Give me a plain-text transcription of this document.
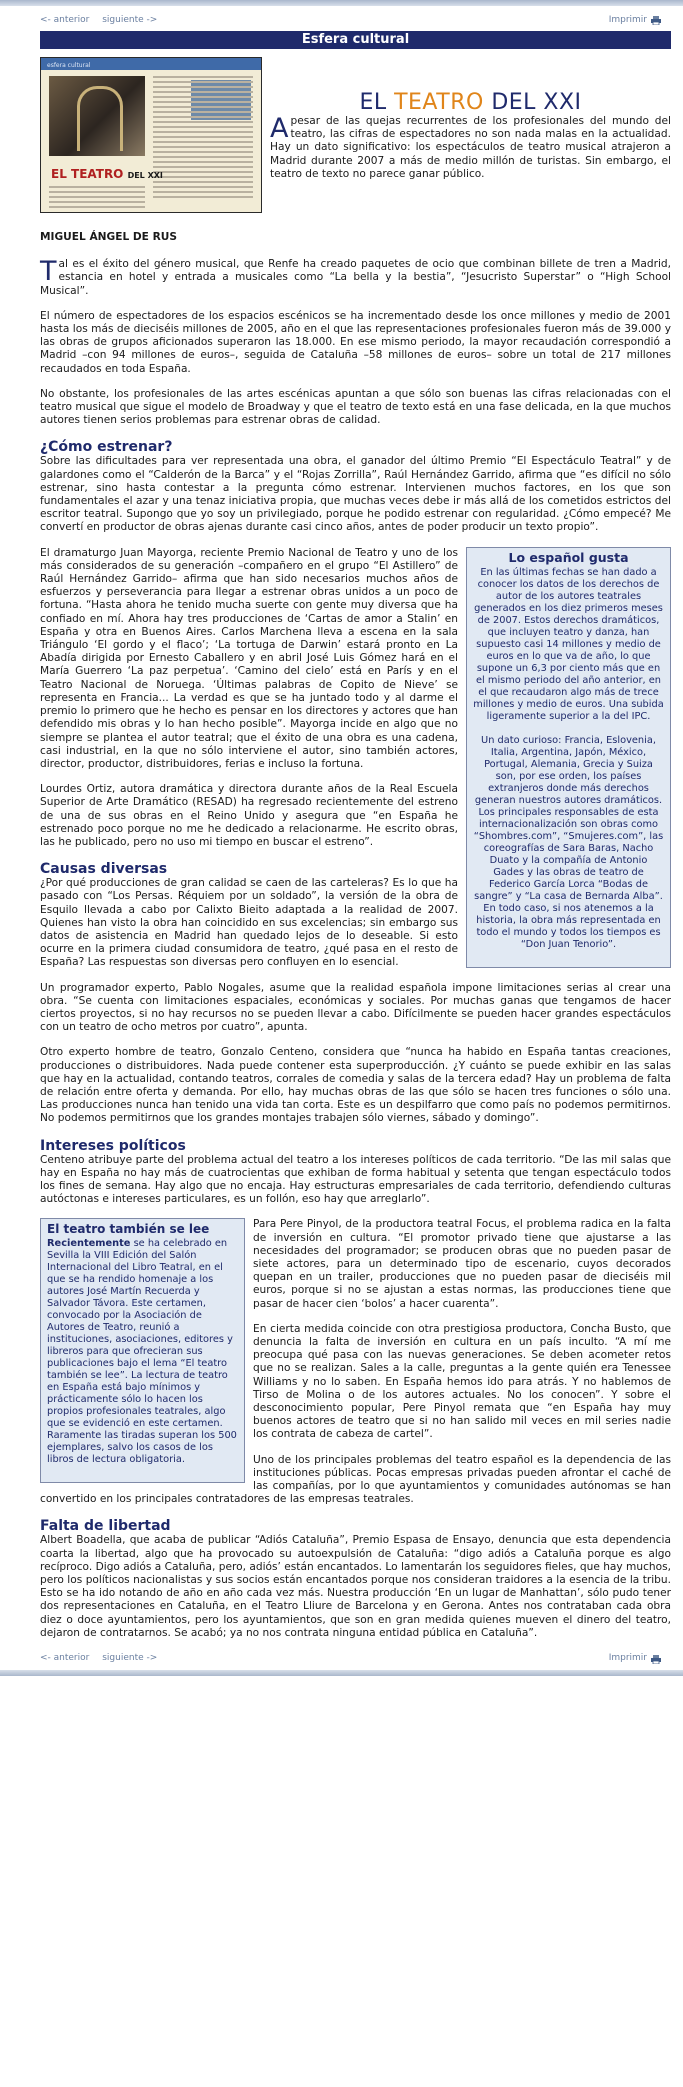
<- anterior siguiente ->	Imprimir
Esfera cultural
esfera cultural
EL TEATRO DEL XXI
EL TEATRO DEL XXI

A pesar de las quejas recurrentes de los profesionales del mundo del teatro, las cifras de espectadores no son nada malas en la actualidad. Hay un dato significativo: los espectáculos de teatro musical atrajeron a Madrid durante 2007 a más de medio millón de turistas. Sin embargo, el teatro de texto no parece ganar público.

MIGUEL ÁNGEL DE RUS

Tal es el éxito del género musical, que Renfe ha creado paquetes de ocio que combinan billete de tren a Madrid, estancia en hotel y entrada a musicales como “La bella y la bestia”, “Jesucristo Superstar” o “High School Musical”.

El número de espectadores de los espacios escénicos se ha incrementado desde los once millones y medio de 2001 hasta los más de dieciséis millones de 2005, año en el que las representaciones profesionales fueron más de 39.000 y las obras de grupos aficionados superaron las 18.000. En ese mismo periodo, la mayor recaudación correspondió a Madrid –con 94 millones de euros–, seguida de Cataluña –58 millones de euros– sobre un total de 217 millones recaudados en toda España.

No obstante, los profesionales de las artes escénicas apuntan a que sólo son buenas las cifras relacionadas con el teatro musical que sigue el modelo de Broadway y que el teatro de texto está en una fase delicada, en la que muchos autores tienen serios problemas para estrenar obras de calidad.

¿Cómo estrenar?

Sobre las dificultades para ver representada una obra, el ganador del último Premio “El Espectáculo Teatral” y de galardones como el “Calderón de la Barca” y el “Rojas Zorrilla”, Raúl Hernández Garrido, afirma que “es difícil no sólo estrenar, sino hasta contestar a la pregunta cómo estrenar. Intervienen muchos factores, en los que son fundamentales el azar y una tenaz iniciativa propia, que muchas veces debe ir más allá de los cometidos estrictos del escritor teatral. Supongo que yo soy un privilegiado, porque he podido estrenar con regularidad. ¿Cómo empecé? Me convertí en productor de obras ajenas durante casi cinco años, antes de poder producir un texto propio”.

Lo español gusta

En las últimas fechas se han dado a conocer los datos de los derechos de autor de los autores teatrales generados en los diez primeros meses de 2007. Estos derechos dramáticos, que incluyen teatro y danza, han supuesto casi 14 millones y medio de euros en lo que va de año, lo que supone un 6,3 por ciento más que en el mismo periodo del año anterior, en el que recaudaron algo más de trece millones y medio de euros. Una subida ligeramente superior a la del IPC.

Un dato curioso: Francia, Eslovenia, Italia, Argentina, Japón, México, Portugal, Alemania, Grecia y Suiza son, por ese orden, los países extranjeros donde más derechos generan nuestros autores dramáticos. Los principales responsables de esta internacionalización son obras como “Shombres.com”, “Smujeres.com”, las coreografías de Sara Baras, Nacho Duato y la compañía de Antonio Gades y las obras de teatro de Federico García Lorca “Bodas de sangre” y “La casa de Bernarda Alba”. En todo caso, si nos atenemos a la historia, la obra más representada en todo el mundo y todos los tiempos es “Don Juan Tenorio”.

El dramaturgo Juan Mayorga, reciente Premio Nacional de Teatro y uno de los más considerados de su generación –compañero en el grupo “El Astillero” de Raúl Hernández Garrido– afirma que han sido necesarios muchos años de esfuerzos y perseverancia para llegar a estrenar obras unidos a un poco de fortuna. “Hasta ahora he tenido mucha suerte con gente muy diversa que ha confiado en mí. Ahora hay tres producciones de ‘Cartas de amor a Stalin’ en España y otra en Buenos Aires. Carlos Marchena lleva a escena en la sala Triángulo ‘El gordo y el flaco’; ‘La tortuga de Darwin’ estará pronto en La Abadía dirigida por Ernesto Caballero y en abril José Luis Gómez hará en el María Guerrero ‘La paz perpetua’. ‘Camino del cielo’ está en París y en el Teatro Nacional de Noruega. ‘Últimas palabras de Copito de Nieve’ se representa en Francia... La verdad es que se ha juntado todo y al darme el premio lo primero que he hecho es pensar en los directores y actores que han defendido mis obras y lo han hecho posible”. Mayorga incide en algo que no siempre se plantea el autor teatral; que el éxito de una obra es una cadena, casi industrial, en la que no sólo interviene el autor, sino también actores, director, productor, distribuidores, ferias e incluso la fortuna.

Lourdes Ortiz, autora dramática y directora durante años de la Real Escuela Superior de Arte Dramático (RESAD) ha regresado recientemente del estreno de una de sus obras en el Reino Unido y asegura que “en España he estrenado poco porque no me he dedicado a relacionarme. He escrito obras, las he publicado, pero no uso mi tiempo en buscar el estreno”.

Causas diversas

¿Por qué producciones de gran calidad se caen de las carteleras? Es lo que ha pasado con “Los Persas. Réquiem por un soldado”, la versión de la obra de Esquilo llevada a cabo por Calixto Bieito adaptada a la realidad de 2007. Quienes han visto la obra han coincidido en sus excelencias; sin embargo sus datos de asistencia en Madrid han quedado lejos de lo deseable. Si esto ocurre en la primera ciudad consumidora de teatro, ¿qué pasa en el resto de España? Las respuestas son diversas pero confluyen en lo esencial.

Un programador experto, Pablo Nogales, asume que la realidad española impone limitaciones serias al crear una obra. “Se cuenta con limitaciones espaciales, económicas y sociales. Por muchas ganas que tengamos de hacer ciertos proyectos, si no hay recursos no se pueden llevar a cabo. Difícilmente se pueden hacer grandes espectáculos con un teatro de ocho metros por cuatro”, apunta.

Otro experto hombre de teatro, Gonzalo Centeno, considera que “nunca ha habido en España tantas creaciones, producciones o distribuidores. Nada puede contener esta superproducción. ¿Y cuánto se puede exhibir en las salas que hay en la actualidad, contando teatros, corrales de comedia y salas de la tercera edad? Hay un problema de falta de relación entre oferta y demanda. Por ello, hay muchas obras de las que sólo se hacen tres funciones o sólo una. Las producciones nunca han tenido una vida tan corta. Este es un despilfarro que como país no podemos permitirnos. No podemos permitirnos que los grandes montajes trabajen sólo viernes, sábado y domingo”.

Intereses políticos

Centeno atribuye parte del problema actual del teatro a los intereses políticos de cada territorio. “De las mil salas que hay en España no hay más de cuatrocientas que exhiban de forma habitual y setenta que tengan espectáculo todos los fines de semana. Hay algo que no encaja. Hay estructuras empresariales de cada territorio, defendiendo culturas autóctonas e intereses particulares, es un follón, eso hay que arreglarlo”.

El teatro también se lee

Recientemente se ha celebrado en Sevilla la VIII Edición del Salón Internacional del Libro Teatral, en el que se ha rendido homenaje a los autores José Martín Recuerda y Salvador Távora. Este certamen, convocado por la Asociación de Autores de Teatro, reunió a instituciones, asociaciones, editores y libreros para que ofrecieran sus publicaciones bajo el lema “El teatro también se lee”. La lectura de teatro en España está bajo mínimos y prácticamente sólo lo hacen los propios profesionales teatrales, algo que se evidenció en este certamen. Raramente las tiradas superan los 500 ejemplares, salvo los casos de los libros de lectura obligatoria.

Para Pere Pinyol, de la productora teatral Focus, el problema radica en la falta de inversión en cultura. “El promotor privado tiene que ajustarse a las necesidades del programador; se producen obras que no pueden pasar de siete actores, para un determinado tipo de escenario, cuyos decorados quepan en un trailer, producciones que no pueden pasar de dieciséis mil euros, porque si no se ajustan a estas normas, las producciones tiene que pasar de hacer cien ‘bolos’ a hacer cuarenta”.

En cierta medida coincide con otra prestigiosa productora, Concha Busto, que denuncia la falta de inversión en cultura en un país inculto. “A mí me preocupa qué pasa con las nuevas generaciones. Se deben acometer retos que no se realizan. Sales a la calle, preguntas a la gente quién era Tenessee Williams y no lo saben. En España hemos ido para atrás. Y no hablemos de Tirso de Molina o de los autores actuales. No los conocen”. Y sobre el desconocimiento popular, Pere Pinyol remata que “en España hay muy buenos actores de teatro que si no han salido mil veces en mil series nadie los contrata de cabeza de cartel”.

Uno de los principales problemas del teatro español es la dependencia de las instituciones públicas. Pocas empresas privadas pueden afrontar el caché de las compañías, por lo que ayuntamientos y comunidades autónomas se han convertido en los principales contratadores de las empresas teatrales.

Falta de libertad

Albert Boadella, que acaba de publicar “Adiós Cataluña”, Premio Espasa de Ensayo, denuncia que esta dependencia coarta la libertad, algo que ha provocado su autoexpulsión de Cataluña: “digo adiós a Cataluña porque es algo recíproco. Digo adiós a Cataluña, pero, adiós’ están encantados. Lo lamentarán los seguidores fieles, que hay muchos, pero los políticos nacionalistas y sus socios están encantados porque nos consideran traidores a la esencia de la tribu. Esto se ha ido notando de año en año cada vez más. Nuestra producción ‘En un lugar de Manhattan’, sólo pudo tener dos representaciones en Cataluña, en el Teatro Lliure de Barcelona y en Gerona. Antes nos contrataban cada obra diez o doce ayuntamientos, pero los ayuntamientos, que son en gran medida quienes mueven el dinero del teatro, dejaron de contratarnos. Se acabó; ya no nos contrata ninguna entidad pública en Cataluña”.

<- anterior siguiente ->	Imprimir
